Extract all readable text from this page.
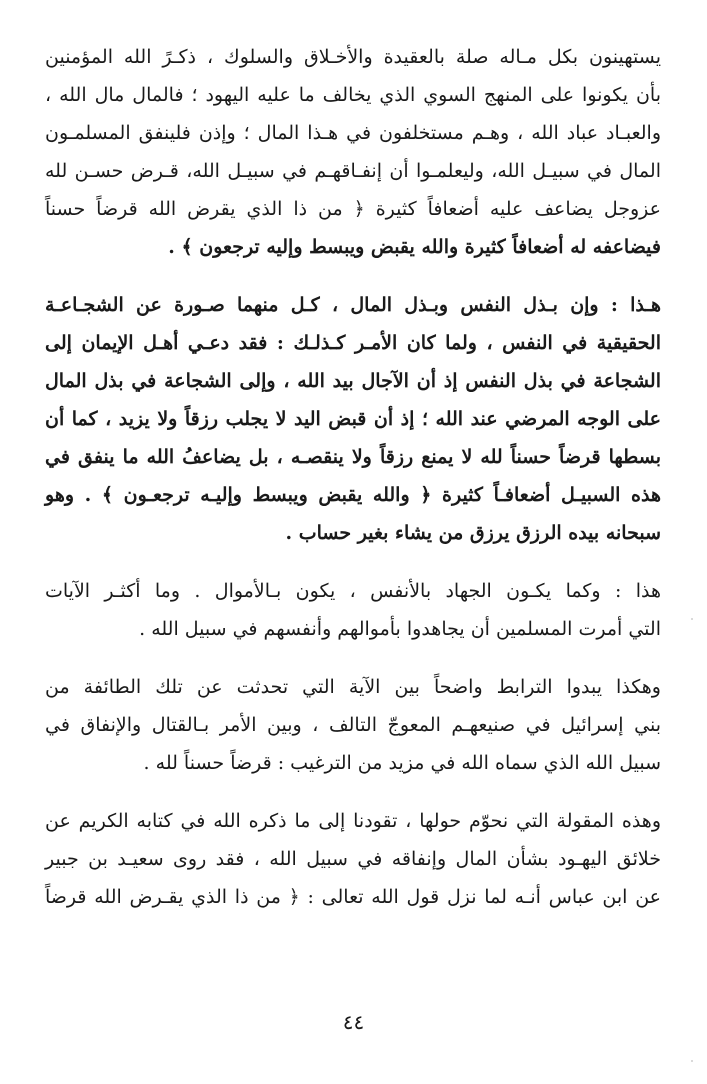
يستهينون بكل مـاله صلة بالعقيدة والأخـلاق والسلوك ، ذكـرً الله المؤمنين
بأن يكونوا على المنهج السوي الذي يخالف ما عليه اليهود ؛ فالمال مال الله ،
والعبـاد عباد الله ، وهـم مستخلفون في هـذا المال ؛ وإذن فلينفق المسلمـون
المال في سبيـل الله، وليعلمـوا أن إنفـاقهـم في سبيـل الله، قـرض حسـن لله
عزوجل يضاعف عليه أضعافاً كثيرة ﴿ من ذا الذي يقرض الله قرضاً حسناً
فيضاعفه له أضعافاً كثيرة والله يقبض ويبسط وإليه ترجعون ﴾ .
هـذا : وإن بـذل النفس وبـذل المال ، كـل منهما صـورة عن الشجـاعـة
الحقيقية في النفس ، ولما كان الأمـر كـذلـك : فقد دعـي أهـل الإيمان إلى
الشجاعة في بذل النفس إذ أن الآجال بيد الله ، وإلى الشجاعة في بذل المال
على الوجه المرضي عند الله ؛ إذ أن قبض اليد لا يجلب رزقاً ولا يزيد ، كما أن
بسطها قرضاً حسناً لله لا يمنع رزقاً ولا ينقصـه ، بل يضاعفُ الله ما ينفق في
هذه السبيـل أضعافـاً كثيرة ﴿ والله يقبض ويبسط وإليـه ترجعـون ﴾ . وهو
سبحانه بيده الرزق يرزق من يشاء بغير حساب .
هذا : وكما يكـون الجهاد بالأنفس ، يكون بـالأموال . وما أكثـر الآيات
التي أمرت المسلمين أن يجاهدوا بأموالهم وأنفسهم في سبيل الله .
وهكذا يبدوا الترابط واضحاً بين الآية التي تحدثت عن تلك الطائفة من
بني إسرائيل في صنيعهـم المعوجّ التالف ، وبين الأمر بـالقتال والإنفاق في
سبيل الله الذي سماه الله في مزيد من الترغيب : قرضاً حسناً لله .
وهذه المقولة التي نحوّم حولها ، تقودنا إلى ما ذكره الله في كتابه الكريم عن
خلائق اليهـود بشأن المال وإنفاقه في سبيل الله ، فقد روى سعيـد بن جبير
عن ابن عباس أنـه لما نزل قول الله تعالى : ﴿ من ذا الذي يقـرض الله قرضاً
٤٤
